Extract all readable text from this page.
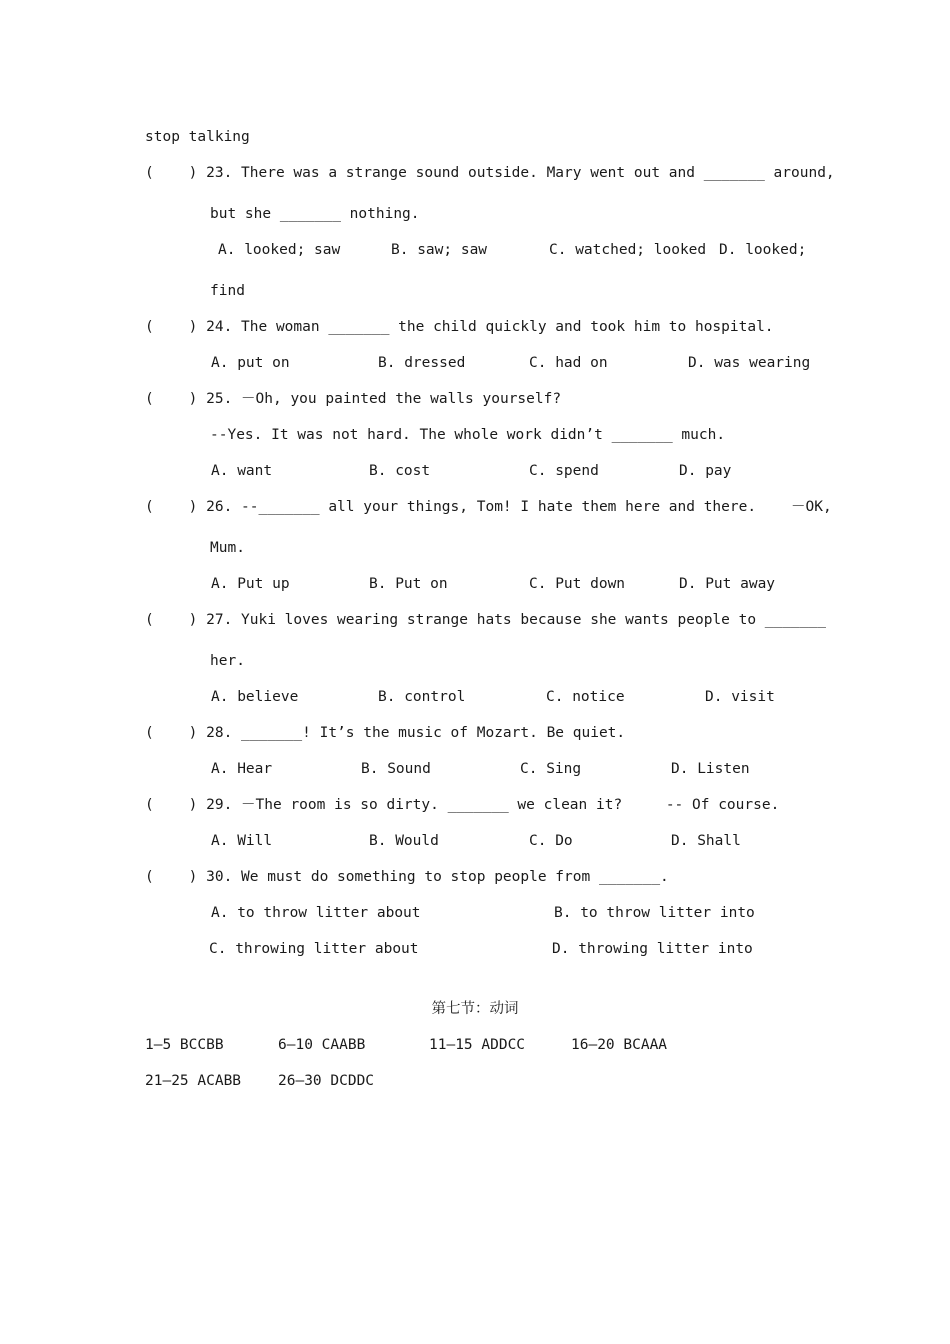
stop talking
(    ) 23. There was a strange sound outside. Mary went out and _______ around,
but she _______ nothing.
A. looked; saw	B. saw; saw	C. watched; looked D. looked;
find
(    ) 24. The woman _______ the child quickly and took him to hospital.
A. put on	B. dressed	C. had on	D. was wearing
(    ) 25. －Oh, you painted the walls yourself?
--Yes. It was not hard. The whole work didn’t _______ much.
A. want	B. cost	C. spend	D. pay
(    ) 26. --_______ all your things, Tom! I hate them here and there.    －OK,
Mum.
A. Put up	B. Put on	C. Put down	D. Put away
(    ) 27. Yuki loves wearing strange hats because she wants people to _______
her.
A. believe	B. control	C. notice	D. visit
(    ) 28. _______! It’s the music of Mozart. Be quiet.
A. Hear	B. Sound	C. Sing	D. Listen
(    ) 29. －The room is so dirty. _______ we clean it?     -- Of course.
A. Will	B. Would	C. Do	D. Shall
(    ) 30. We must do something to stop people from _______.
A. to throw litter about	B. to throw litter into
C. throwing litter about	D. throwing litter into
第七节：动词
1—5 BCCBB	6—10 CAABB	11—15 ADDCC	16—20 BCAAA
21—25 ACABB	26—30 DCDDC
